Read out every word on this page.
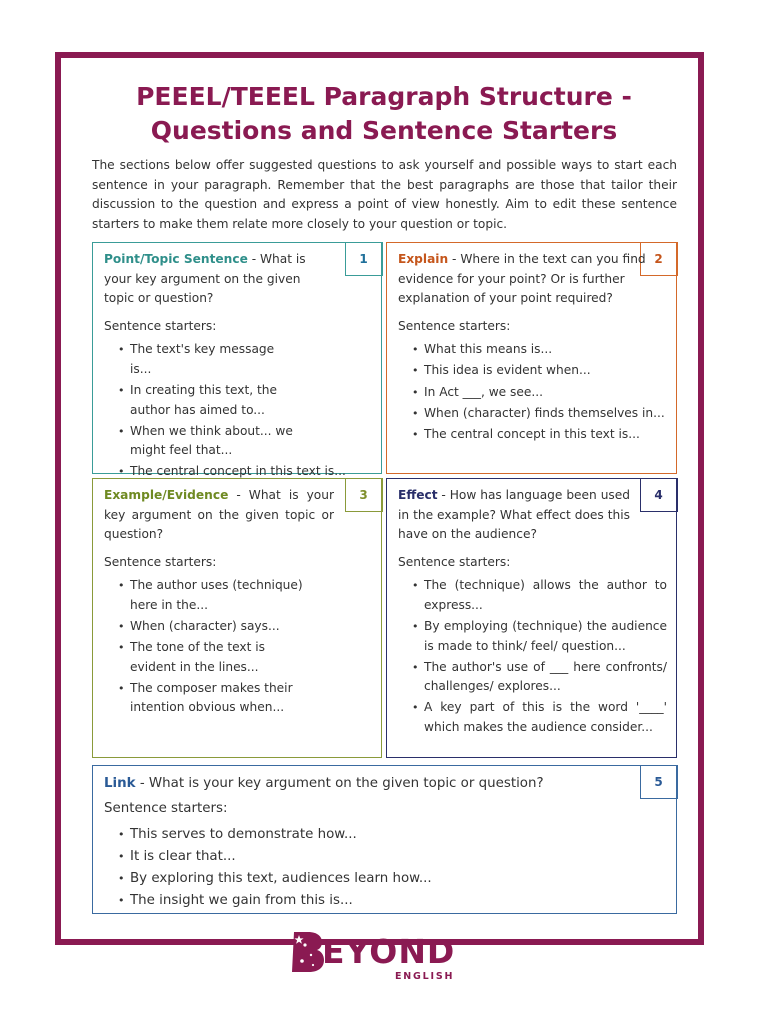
PEEEL/TEEEL Paragraph Structure -
Questions and Sentence Starters

The sections below offer suggested questions to ask yourself and possible ways to start each sentence in your paragraph. Remember that the best paragraphs are those that tailor their discussion to the question and express a point of view honestly. Aim to edit these sentence starters to make them relate more closely to your question or topic.

1

Point/Topic Sentence - What is your key argument on the given topic or question?

Sentence starters:

• The text's key message is...
• In creating this text, the author has aimed to...
• When we think about... we might feel that...
• The central concept in this text is...
2

Explain - Where in the text can you find evidence for your point? Or is further explanation of your point required?

Sentence starters:

• What this means is...
• This idea is evident when...
• In Act ___, we see...
• When (character) finds themselves in...
• The central concept in this text is...
3

Example/Evidence - What is your key argument on the given topic or question?

Sentence starters:

• The author uses (technique) here in the...
• When (character) says...
• The tone of the text is evident in the lines...
• The composer makes their intention obvious when...
4

Effect - How has language been used in the example? What effect does this have on the audience?

Sentence starters:

• The (technique) allows the author to express...
• By employing (technique) the audience is made to think/ feel/ question...
• The author's use of ___ here confronts/ challenges/ explores...
• A key part of this is the word '____' which makes the audience consider...
5

Link - What is your key argument on the given topic or question?

Sentence starters:

• This serves to demonstrate how...
• It is clear that...
• By exploring this text, audiences learn how...
• The insight we gain from this is...
EYOND
ENGLISH
